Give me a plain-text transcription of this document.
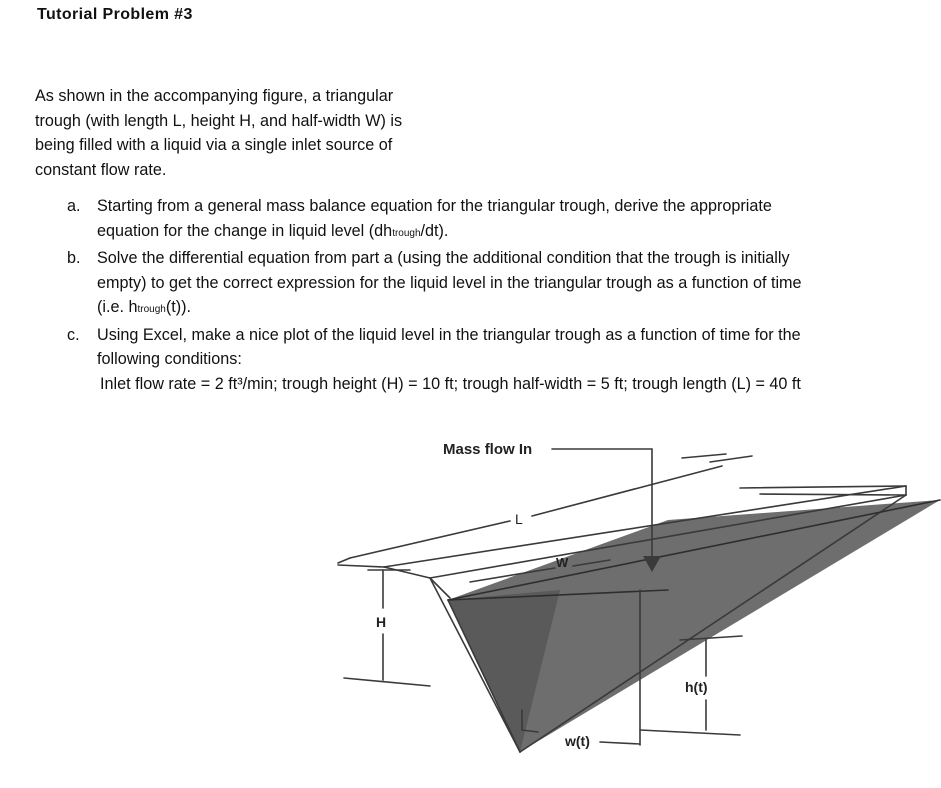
Tutorial Problem #3
As shown in the accompanying figure, a triangular
trough (with length L, height H, and half-width W) is
being filled with a liquid via a single inlet source of
constant flow rate.
a. Starting from a general mass balance equation for the triangular trough, derive the appropriate
equation for the change in liquid level (dhtrough/dt).
b. Solve the differential equation from part a (using the additional condition that the trough is initially
empty) to get the correct expression for the liquid level in the triangular trough as a function of time
(i.e. htrough(t)).
c. Using Excel, make a nice plot of the liquid level in the triangular trough as a function of time for the
following conditions:
Inlet flow rate = 2 ft³/min; trough height (H) = 10 ft; trough half-width = 5 ft; trough length (L) = 40 ft
Mass flow In
L
W
H
h(t)
w(t)
